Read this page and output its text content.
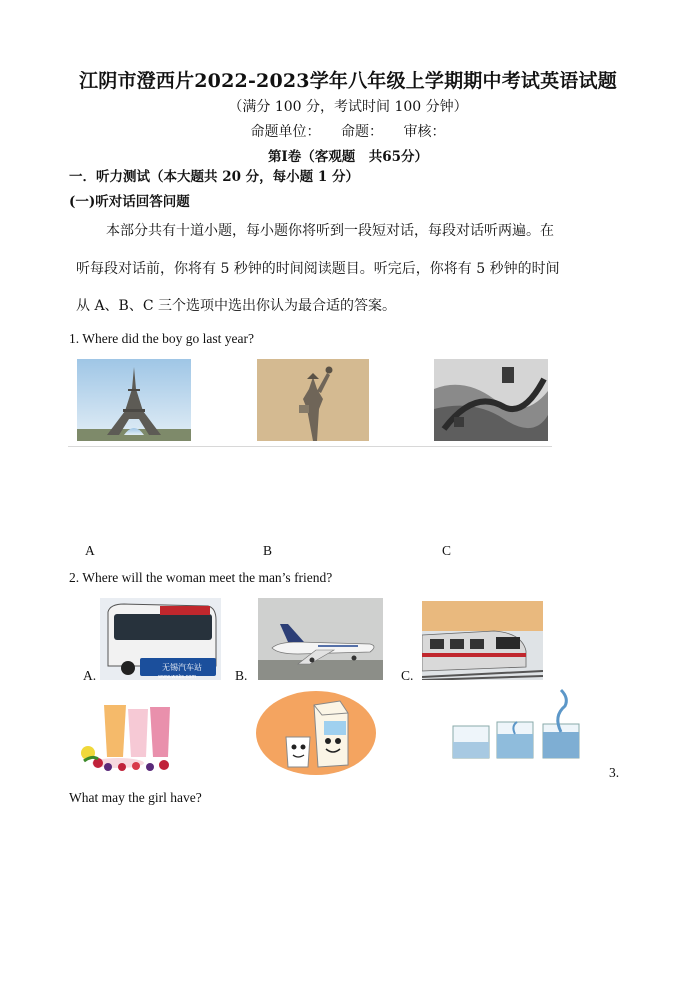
江阴市澄西片2022-2023学年八年级上学期期中考试英语试题
（满分 100 分，考试时间 100 分钟）
命题单位： 命题： 审核：
第Ⅰ卷（客观题　共65分）
一．听力测试（本大题共 20 分，每小题 1 分）
(一)听对话回答问题
本部分共有十道小题，每小题你将听到一段短对话，每段对话听两遍。在
听每段对话前，你将有 5 秒钟的时间阅读题目。听完后，你将有 5 秒钟的时间
从 A、B、C 三个选项中选出你认为最合适的答案。
1. Where did the boy go last year?
A	B	C
2. Where will the woman meet the man’s friend?
A.
无锡汽车站
www.wxks.com	B.	C.
3.
What may the girl have?
